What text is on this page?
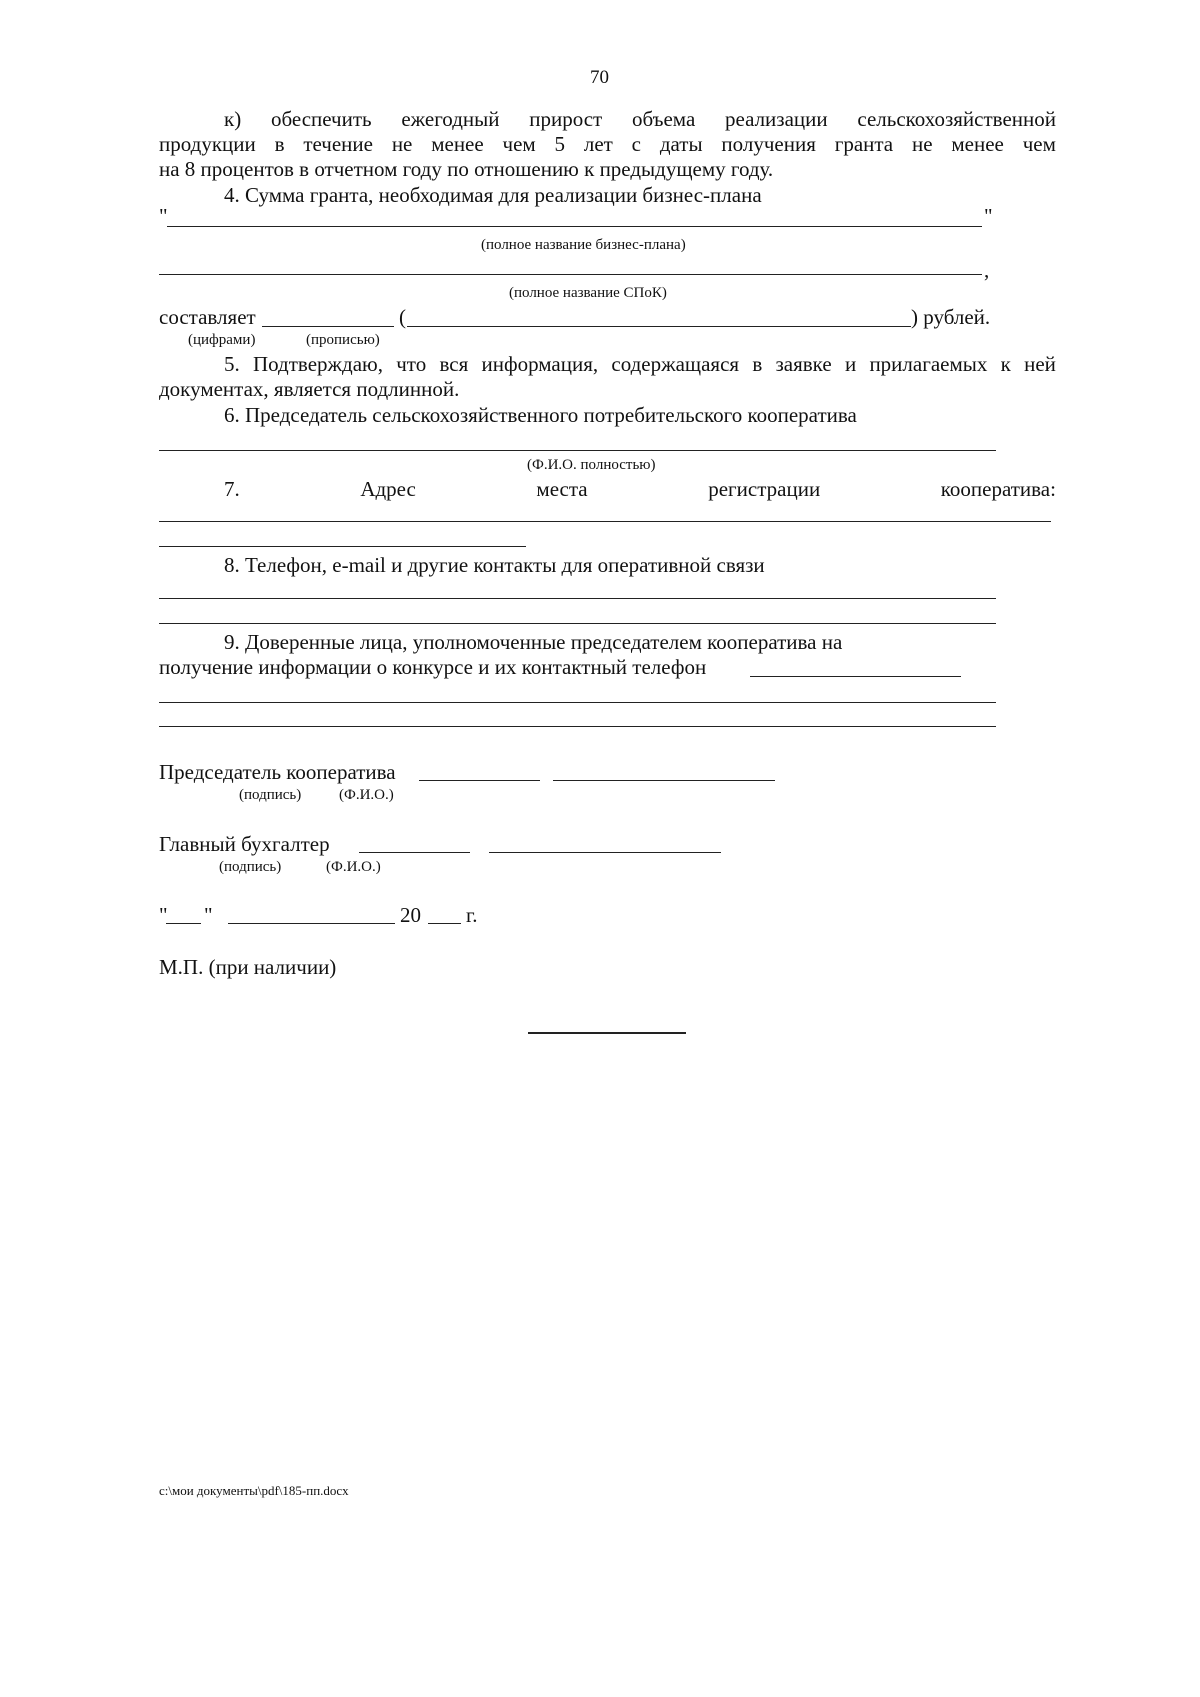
70
к) обеспечить ежегодный прирост объема реализации сельскохозяйственной
продукции в течение не менее чем 5 лет с даты получения гранта не менее чем
на 8 процентов в отчетном году по отношению к предыдущему году.
4. Сумма гранта, необходимая для реализации бизнес-плана
"	"
(полное название бизнес-плана)
,
(полное название СПоК)
составляет	(	) рублей.
(цифрами)	(прописью)
5. Подтверждаю, что вся информация, содержащаяся в заявке и прилагаемых к ней
документах, является подлинной.
6. Председатель сельскохозяйственного потребительского кооператива
(Ф.И.О. полностью)
7.	Адрес	места	регистрации	кооператива:
8. Телефон, e-mail и другие контакты для оперативной связи
9. Доверенные лица, уполномоченные председателем кооператива на
получение информации о конкурсе и их контактный телефон
Председатель кооператива
(подпись)	(Ф.И.О.)
Главный бухгалтер
(подпись)	(Ф.И.О.)
" "	20 г.
М.П. (при наличии)
c:\мои документы\pdf\185-пп.docx
